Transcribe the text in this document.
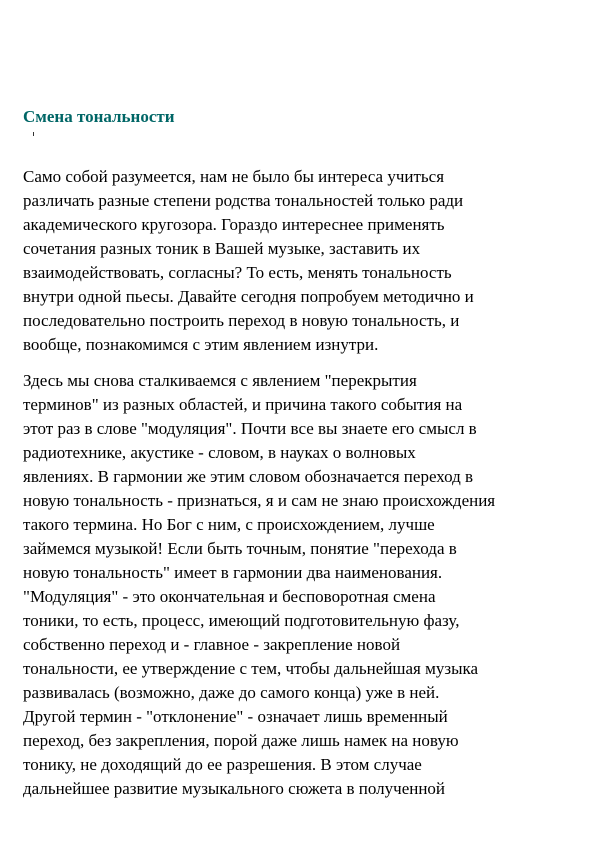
Смена тональности

Само собой разумеется, нам не было бы интереса учиться
различать разные степени родства тональностей только ради
академического кругозора. Гораздо интереснее применять
сочетания разных тоник в Вашей музыке, заставить их
взаимодействовать, согласны? То есть, менять тональность
внутри одной пьесы. Давайте сегодня попробуем методично и
последовательно построить переход в новую тональность, и
вообще, познакомимся с этим явлением изнутри.

Здесь мы снова сталкиваемся с явлением "перекрытия
терминов" из разных областей, и причина такого события на
этот раз в слове "модуляция". Почти все вы знаете его смысл в
радиотехнике, акустике - словом, в науках о волновых
явлениях. В гармонии же этим словом обозначается переход в
новую тональность - признаться, я и сам не знаю происхождения
такого термина. Но Бог с ним, с происхождением, лучше
займемся музыкой! Если быть точным, понятие "перехода в
новую тональность" имеет в гармонии два наименования.
"Модуляция" - это окончательная и бесповоротная смена
тоники, то есть, процесс, имеющий подготовительную фазу,
собственно переход и - главное - закрепление новой
тональности, ее утверждение с тем, чтобы дальнейшая музыка
развивалась (возможно, даже до самого конца) уже в ней.
Другой термин - "отклонение" - означает лишь временный
переход, без закрепления, порой даже лишь намек на новую
тонику, не доходящий до ее разрешения. В этом случае
дальнейшее развитие музыкального сюжета в полученной
